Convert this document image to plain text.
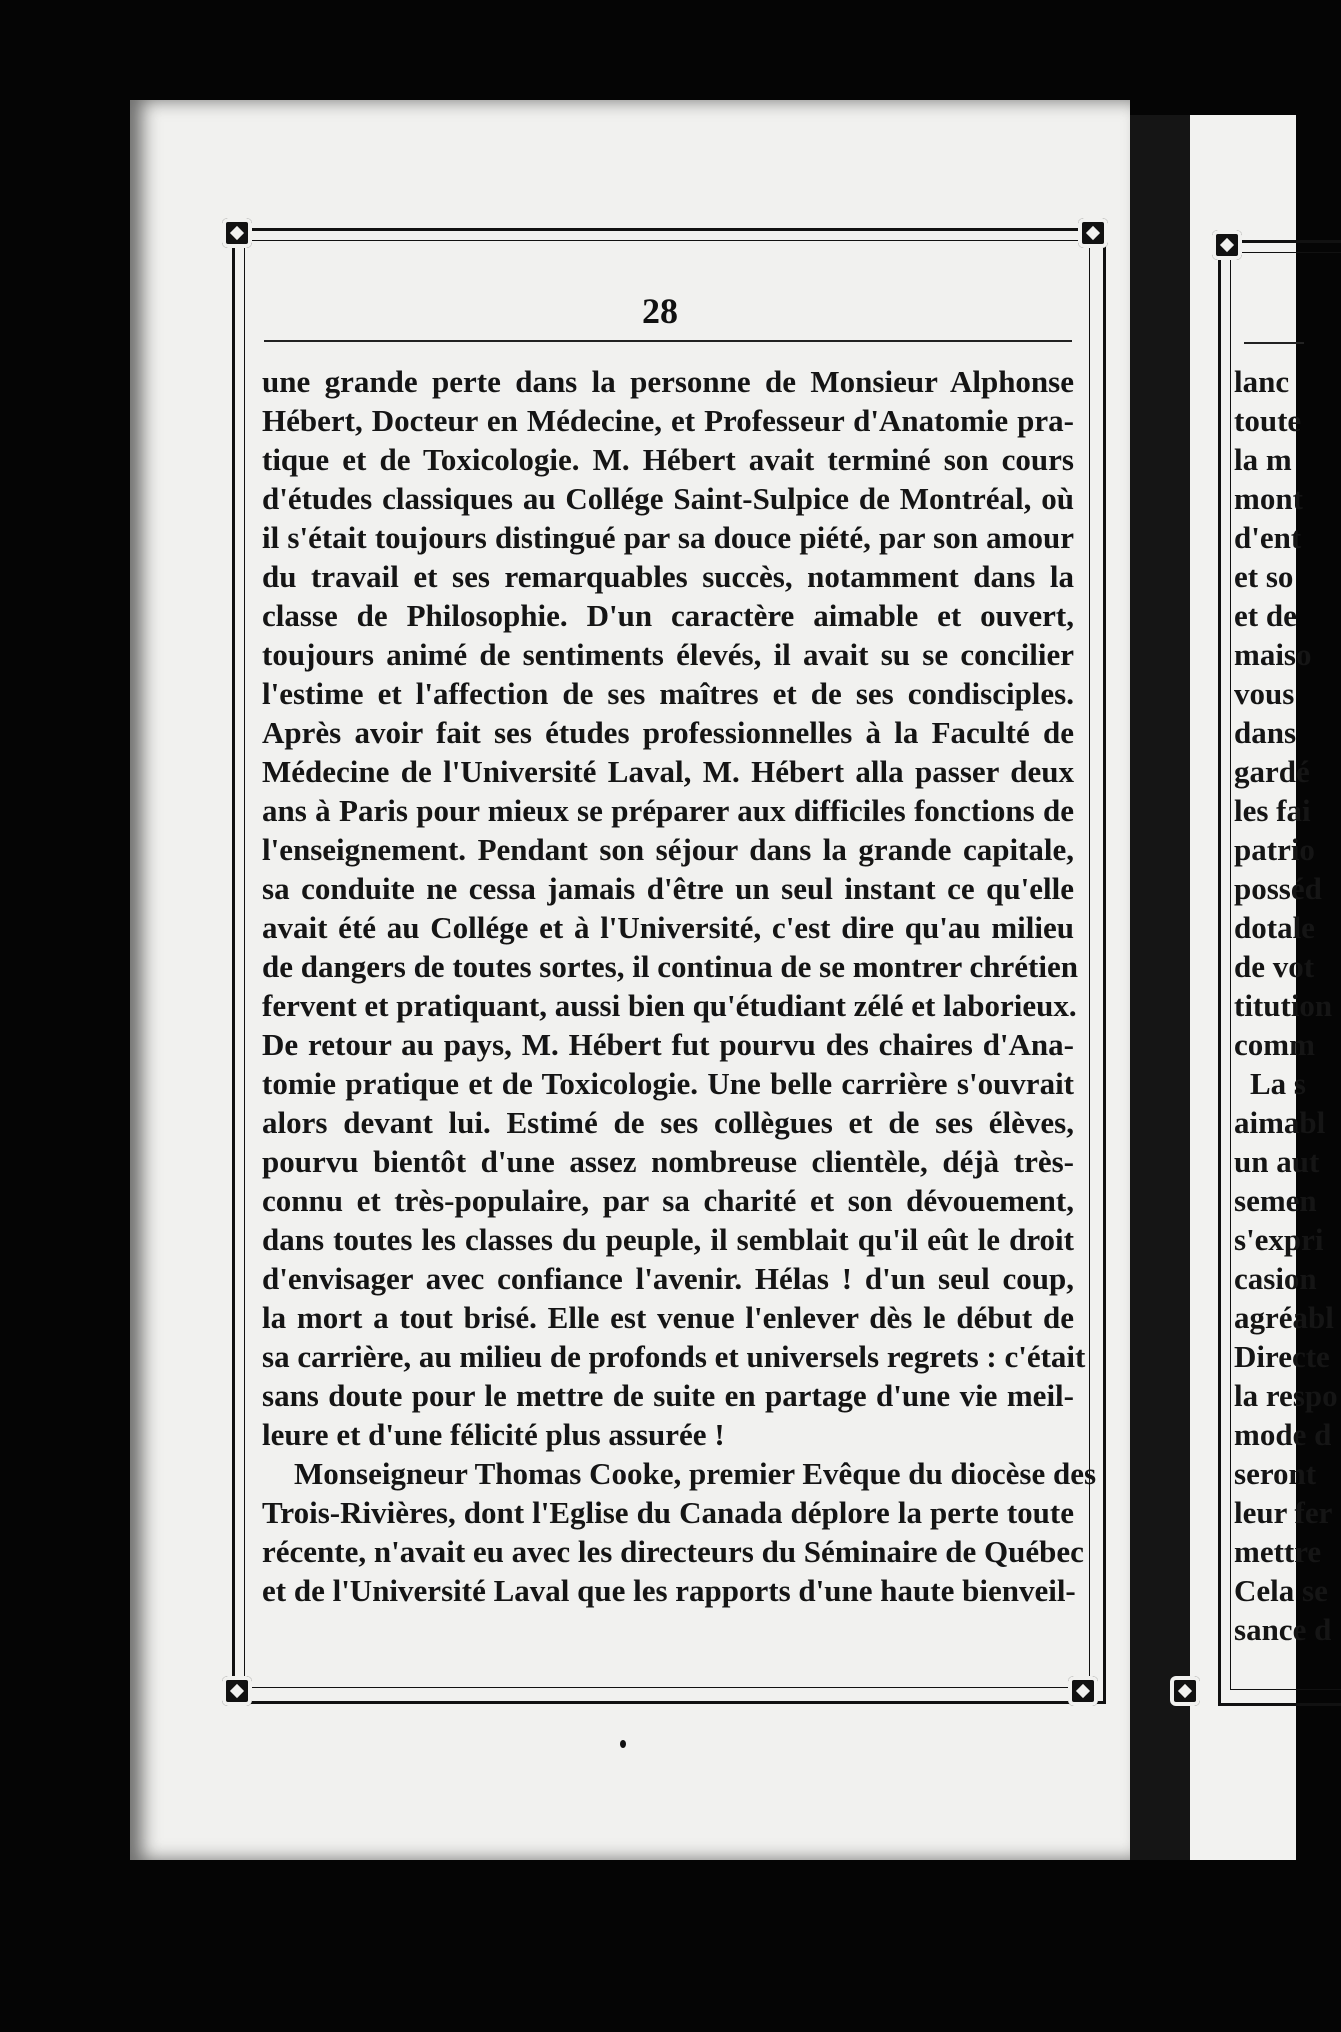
28
une grande perte dans la personne de Monsieur Alphonse
Hébert, Docteur en Médecine, et Professeur d'Anatomie pra-
tique et de Toxicologie. M. Hébert avait terminé son cours
d'études classiques au Collége Saint-Sulpice de Montréal, où
il s'était toujours distingué par sa douce piété, par son amour
du travail et ses remarquables succès, notamment dans la
classe de Philosophie. D'un caractère aimable et ouvert,
toujours animé de sentiments élevés, il avait su se concilier
l'estime et l'affection de ses maîtres et de ses condisciples.
Après avoir fait ses études professionnelles à la Faculté de
Médecine de l'Université Laval, M. Hébert alla passer deux
ans à Paris pour mieux se préparer aux difficiles fonctions de
l'enseignement. Pendant son séjour dans la grande capitale,
sa conduite ne cessa jamais d'être un seul instant ce qu'elle
avait été au Collége et à l'Université, c'est dire qu'au milieu
de dangers de toutes sortes, il continua de se montrer chrétien
fervent et pratiquant, aussi bien qu'étudiant zélé et laborieux.
De retour au pays, M. Hébert fut pourvu des chaires d'Ana-
tomie pratique et de Toxicologie. Une belle carrière s'ouvrait
alors devant lui. Estimé de ses collègues et de ses élèves,
pourvu bientôt d'une assez nombreuse clientèle, déjà très-
connu et très-populaire, par sa charité et son dévouement,
dans toutes les classes du peuple, il semblait qu'il eût le droit
d'envisager avec confiance l'avenir. Hélas ! d'un seul coup,
la mort a tout brisé. Elle est venue l'enlever dès le début de
sa carrière, au milieu de profonds et universels regrets : c'était
sans doute pour le mettre de suite en partage d'une vie meil-
leure et d'une félicité plus assurée !
Monseigneur Thomas Cooke, premier Evêque du diocèse des
Trois-Rivières, dont l'Eglise du Canada déplore la perte toute
récente, n'avait eu avec les directeurs du Séminaire de Québec
et de l'Université Laval que les rapports d'une haute bienveil-
lanc
toute
la m
mont
d'ent
et so
et de
maiso
vous
dans
gardé
les fai
patrio
posséd
dotale
de vot
titution
comm
La s
aimabl
un aut
semen
s'expri
casion
agréabl
Directe
la respo
mode d
seront
leur fer
mettre
Cela se
sance d
